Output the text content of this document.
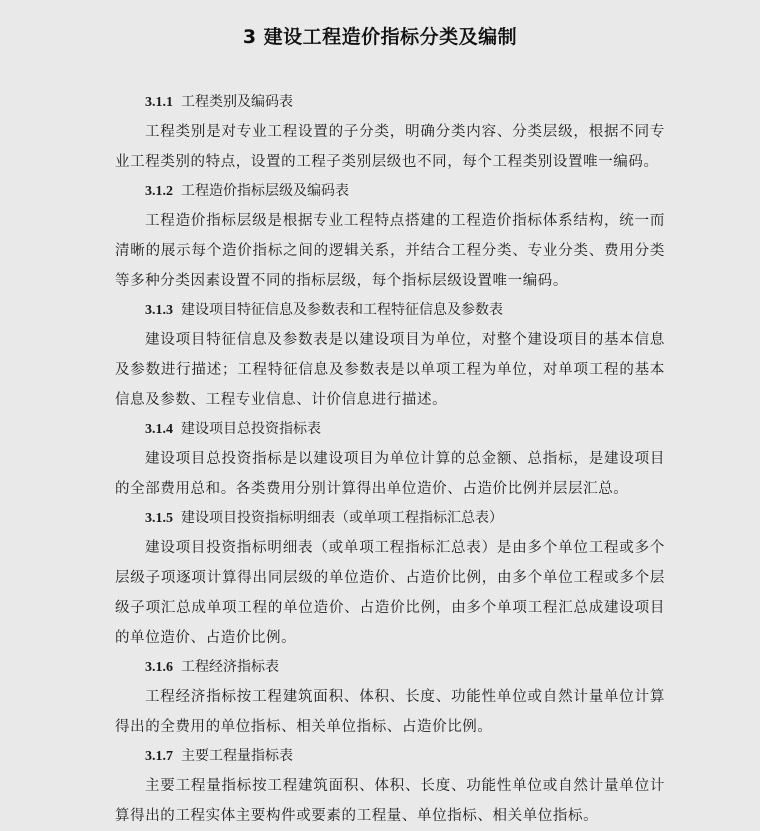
3 建设工程造价指标分类及编制

3.1.1 工程类别及编码表

工程类别是对专业工程设置的子分类，明确分类内容、分类层级，根据不同专业工程类别的特点，设置的工程子类别层级也不同，每个工程类别设置唯一编码。

3.1.2 工程造价指标层级及编码表

工程造价指标层级是根据专业工程特点搭建的工程造价指标体系结构，统一而清晰的展示每个造价指标之间的逻辑关系，并结合工程分类、专业分类、费用分类等多种分类因素设置不同的指标层级，每个指标层级设置唯一编码。

3.1.3 建设项目特征信息及参数表和工程特征信息及参数表

建设项目特征信息及参数表是以建设项目为单位，对整个建设项目的基本信息及参数进行描述；工程特征信息及参数表是以单项工程为单位，对单项工程的基本信息及参数、工程专业信息、计价信息进行描述。

3.1.4 建设项目总投资指标表

建设项目总投资指标是以建设项目为单位计算的总金额、总指标，是建设项目的全部费用总和。各类费用分别计算得出单位造价、占造价比例并层层汇总。

3.1.5 建设项目投资指标明细表（或单项工程指标汇总表）

建设项目投资指标明细表（或单项工程指标汇总表）是由多个单位工程或多个层级子项逐项计算得出同层级的单位造价、占造价比例，由多个单位工程或多个层级子项汇总成单项工程的单位造价、占造价比例，由多个单项工程汇总成建设项目的单位造价、占造价比例。

3.1.6 工程经济指标表

工程经济指标按工程建筑面积、体积、长度、功能性单位或自然计量单位计算得出的全费用的单位指标、相关单位指标、占造价比例。

3.1.7 主要工程量指标表

主要工程量指标按工程建筑面积、体积、长度、功能性单位或自然计量单位计算得出的工程实体主要构件或要素的工程量、单位指标、相关单位指标。
